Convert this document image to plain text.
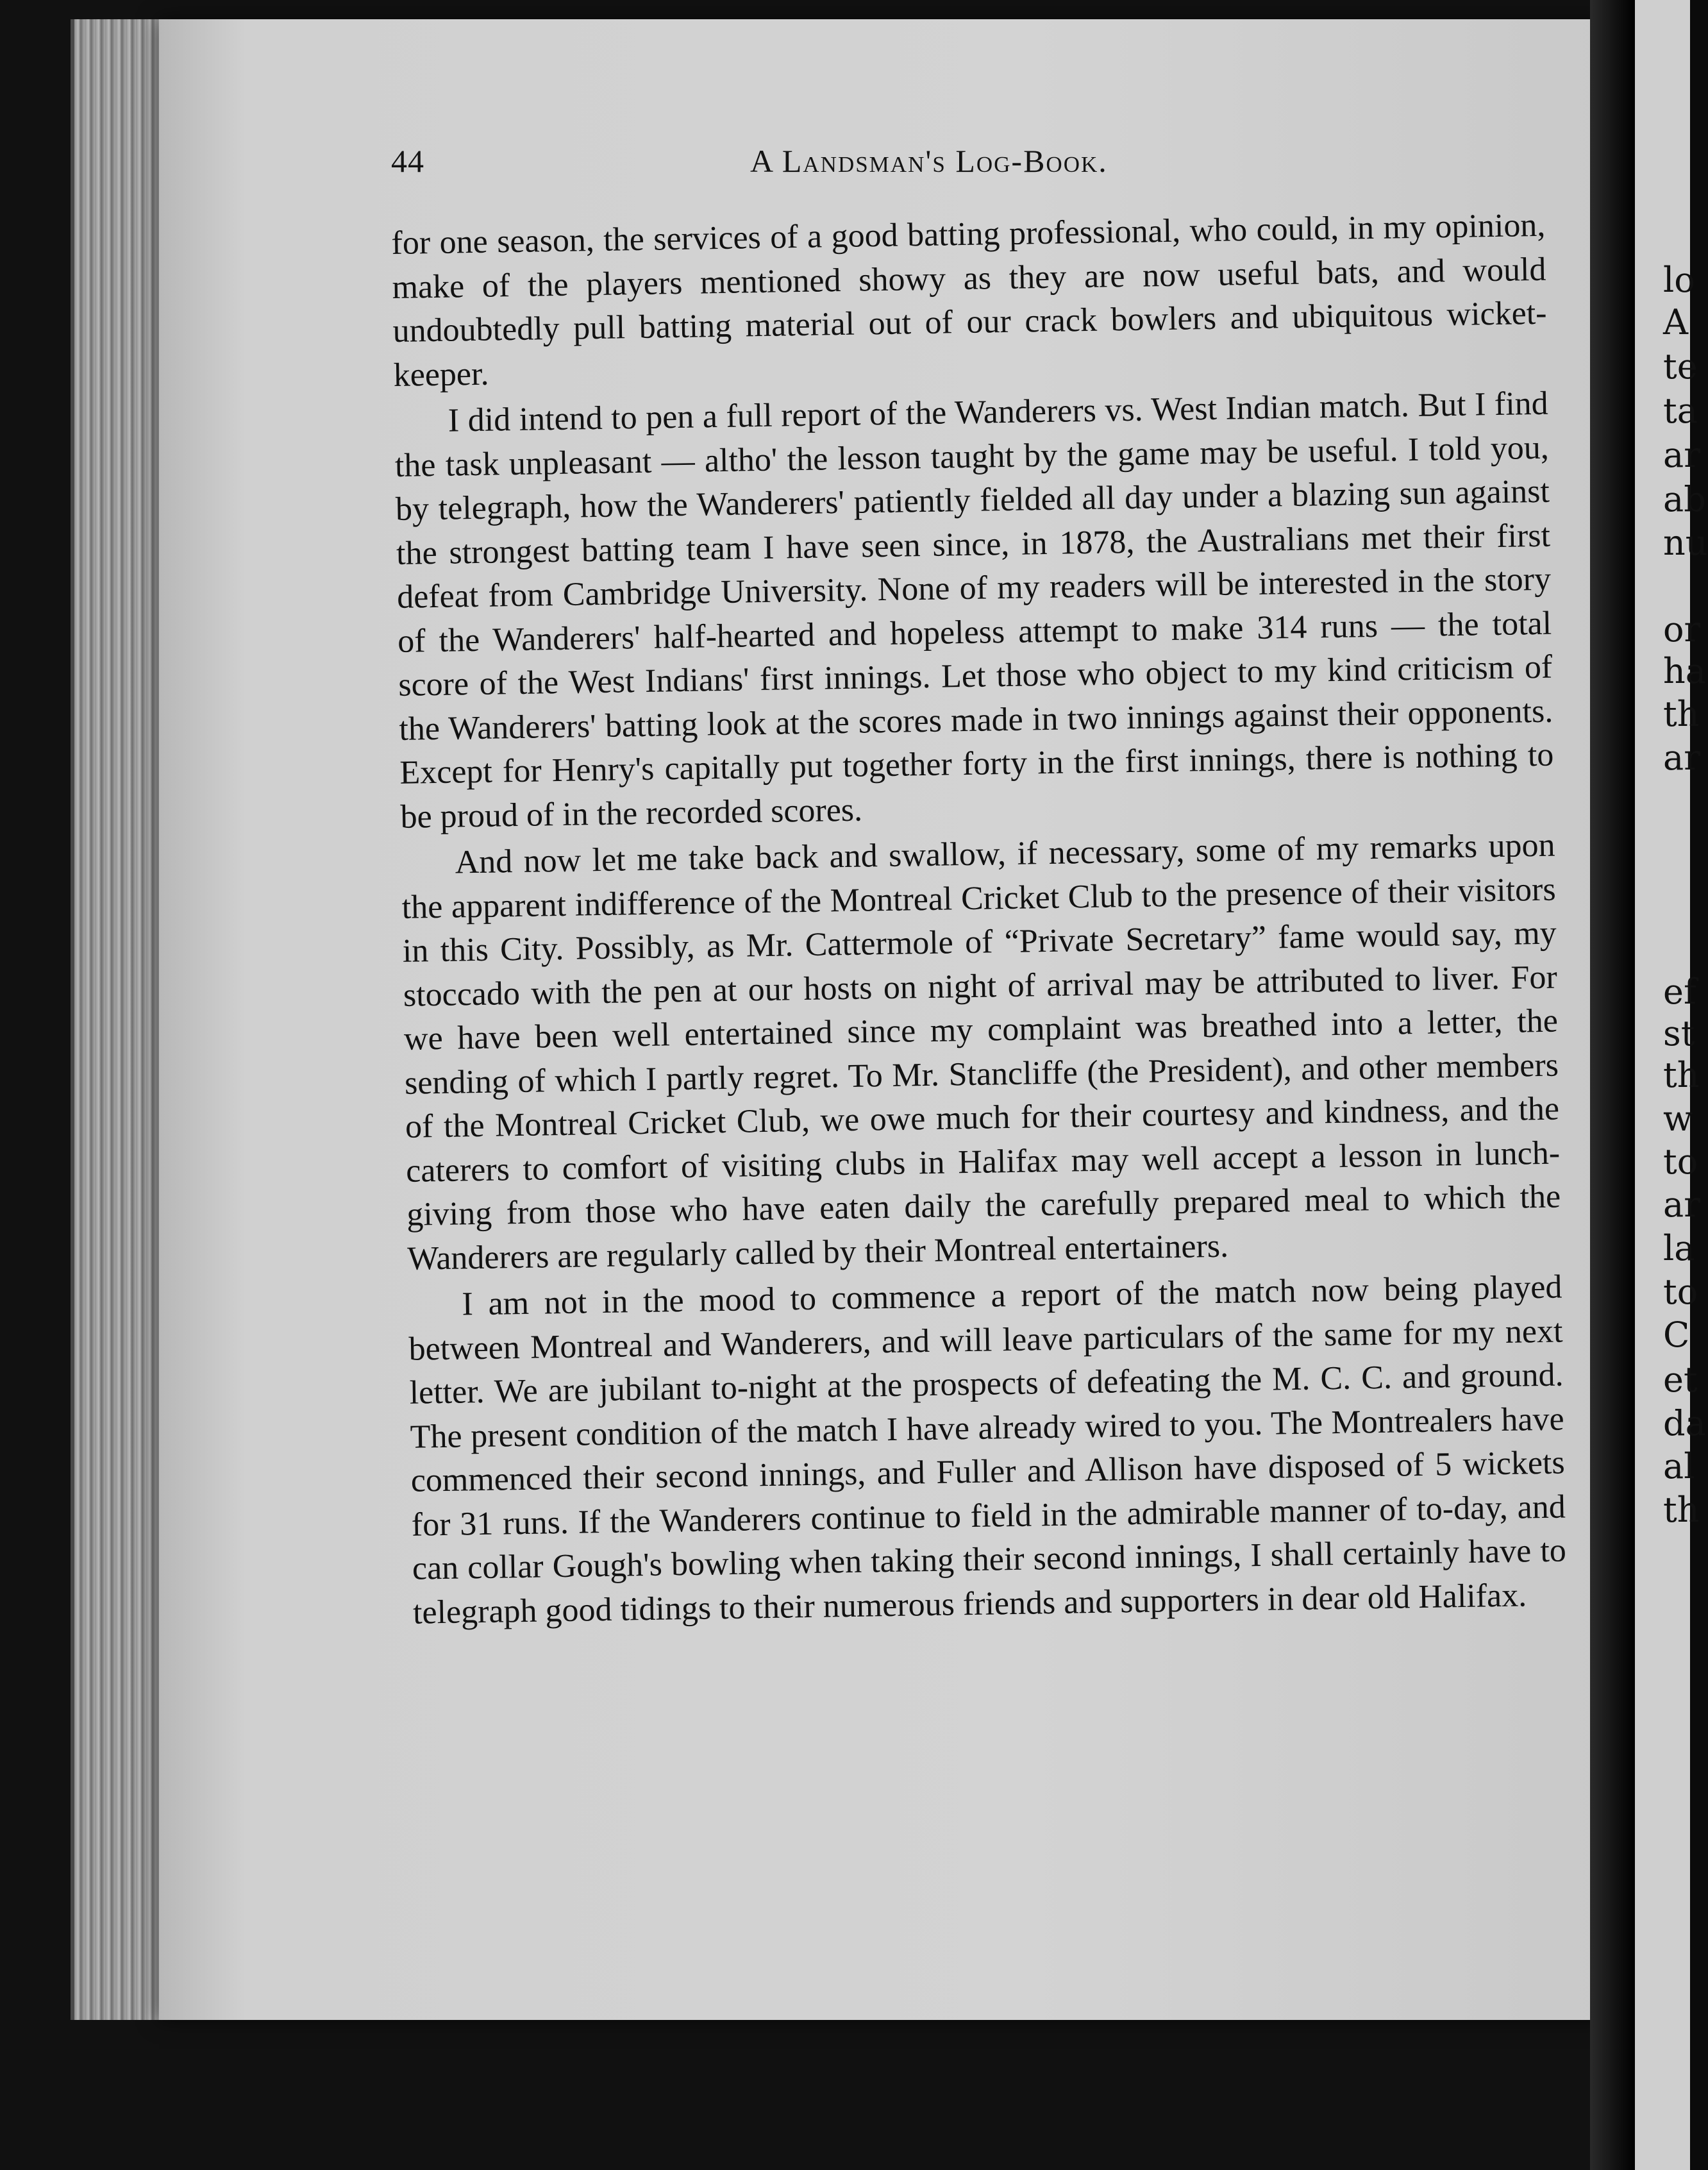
lo
A
te
ta
ar
ab
nu
or
ha
th
ar
ef
st
th
w
to
ar
la
to
C
et
da
al
th
44	A Landsman's Log-Book.

for one season, the services of a good batting professional, who could, in my opinion, make of the players mentioned showy as they are now useful bats, and would undoubtedly pull batting material out of our crack bowlers and ubiquitous wicket-keeper.

I did intend to pen a full report of the Wanderers vs. West Indian match. But I find the task unpleasant — altho' the lesson taught by the game may be useful. I told you, by telegraph, how the Wanderers' patiently fielded all day under a blazing sun against the strongest batting team I have seen since, in 1878, the Australians met their first defeat from Cambridge University. None of my readers will be interested in the story of the Wanderers' half-hearted and hopeless attempt to make 314 runs — the total score of the West Indians' first innings. Let those who object to my kind criticism of the Wanderers' batting look at the scores made in two innings against their opponents. Except for Henry's capitally put together forty in the first innings, there is nothing to be proud of in the recorded scores.

And now let me take back and swallow, if necessary, some of my remarks upon the apparent indifference of the Montreal Cricket Club to the presence of their visitors in this City. Possibly, as Mr. Cattermole of “Private Secretary” fame would say, my stoccado with the pen at our hosts on night of arrival may be attributed to liver. For we have been well entertained since my complaint was breathed into a letter, the sending of which I partly regret. To Mr. Stancliffe (the President), and other members of the Montreal Cricket Club, we owe much for their courtesy and kindness, and the caterers to comfort of visiting clubs in Halifax may well accept a lesson in lunch-giving from those who have eaten daily the carefully prepared meal to which the Wanderers are regularly called by their Montreal entertainers.

I am not in the mood to commence a report of the match now being played between Montreal and Wanderers, and will leave particulars of the same for my next letter. We are jubilant to-night at the prospects of defeating the M. C. C. and ground. The present condition of the match I have already wired to you. The Montrealers have commenced their second innings, and Fuller and Allison have disposed of 5 wickets for 31 runs. If the Wanderers continue to field in the admirable manner of to-day, and can collar Gough's bowling when taking their second innings, I shall certainly have to telegraph good tidings to their numerous friends and supporters in dear old Halifax.
